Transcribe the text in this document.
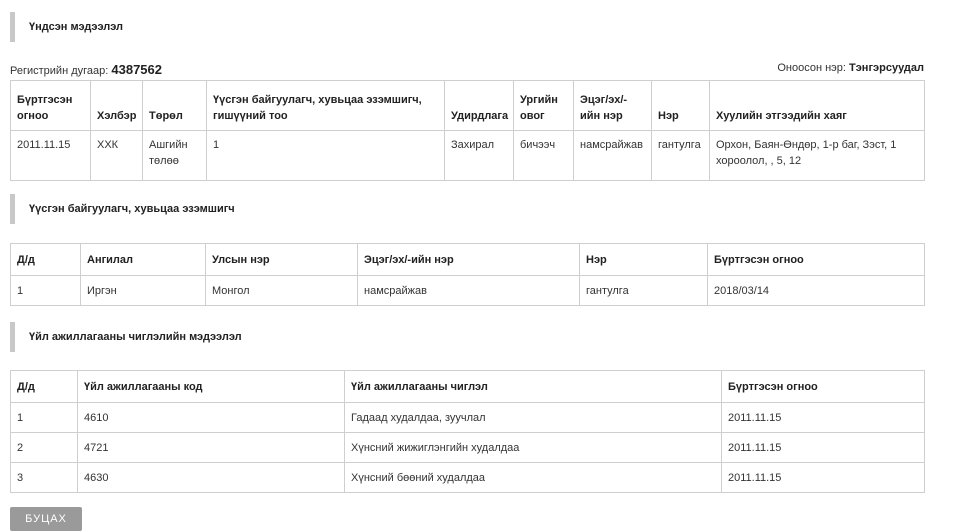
Үндсэн мэдээлэл
Регистрийн дугаар: 4387562	Оноосон нэр: Тэнгэрсуудал
Бүртгэсэн огноо	Хэлбэр	Төрөл	Үүсгэн байгуулагч, хувьцаа эзэмшигч, гишүүний тоо	Удирдлага	Ургийн овог	Эцэг/эх/-ийн нэр	Нэр	Хуулийн этгээдийн хаяг
2011.11.15	ХХК	Ашгийн төлөө	1	Захирал	бичээч	намсрайжав	гантулга	Орхон, Баян-Өндөр, 1-р баг, Зэст, 1 хороолол, , 5, 12
Үүсгэн байгуулагч, хувьцаа эзэмшигч
Д/д	Ангилал	Улсын нэр	Эцэг/эх/-ийн нэр	Нэр	Бүртгэсэн огноо
1	Иргэн	Монгол	намсрайжав	гантулга	2018/03/14
Үйл ажиллагааны чиглэлийн мэдээлэл
Д/д	Үйл ажиллагааны код	Үйл ажиллагааны чиглэл	Бүртгэсэн огноо
1	4610	Гадаад худалдаа, зуучлал	2011.11.15
2	4721	Хүнсний жижиглэнгийн худалдаа	2011.11.15
3	4630	Хүнсний бөөний худалдаа	2011.11.15
БУЦАХ
